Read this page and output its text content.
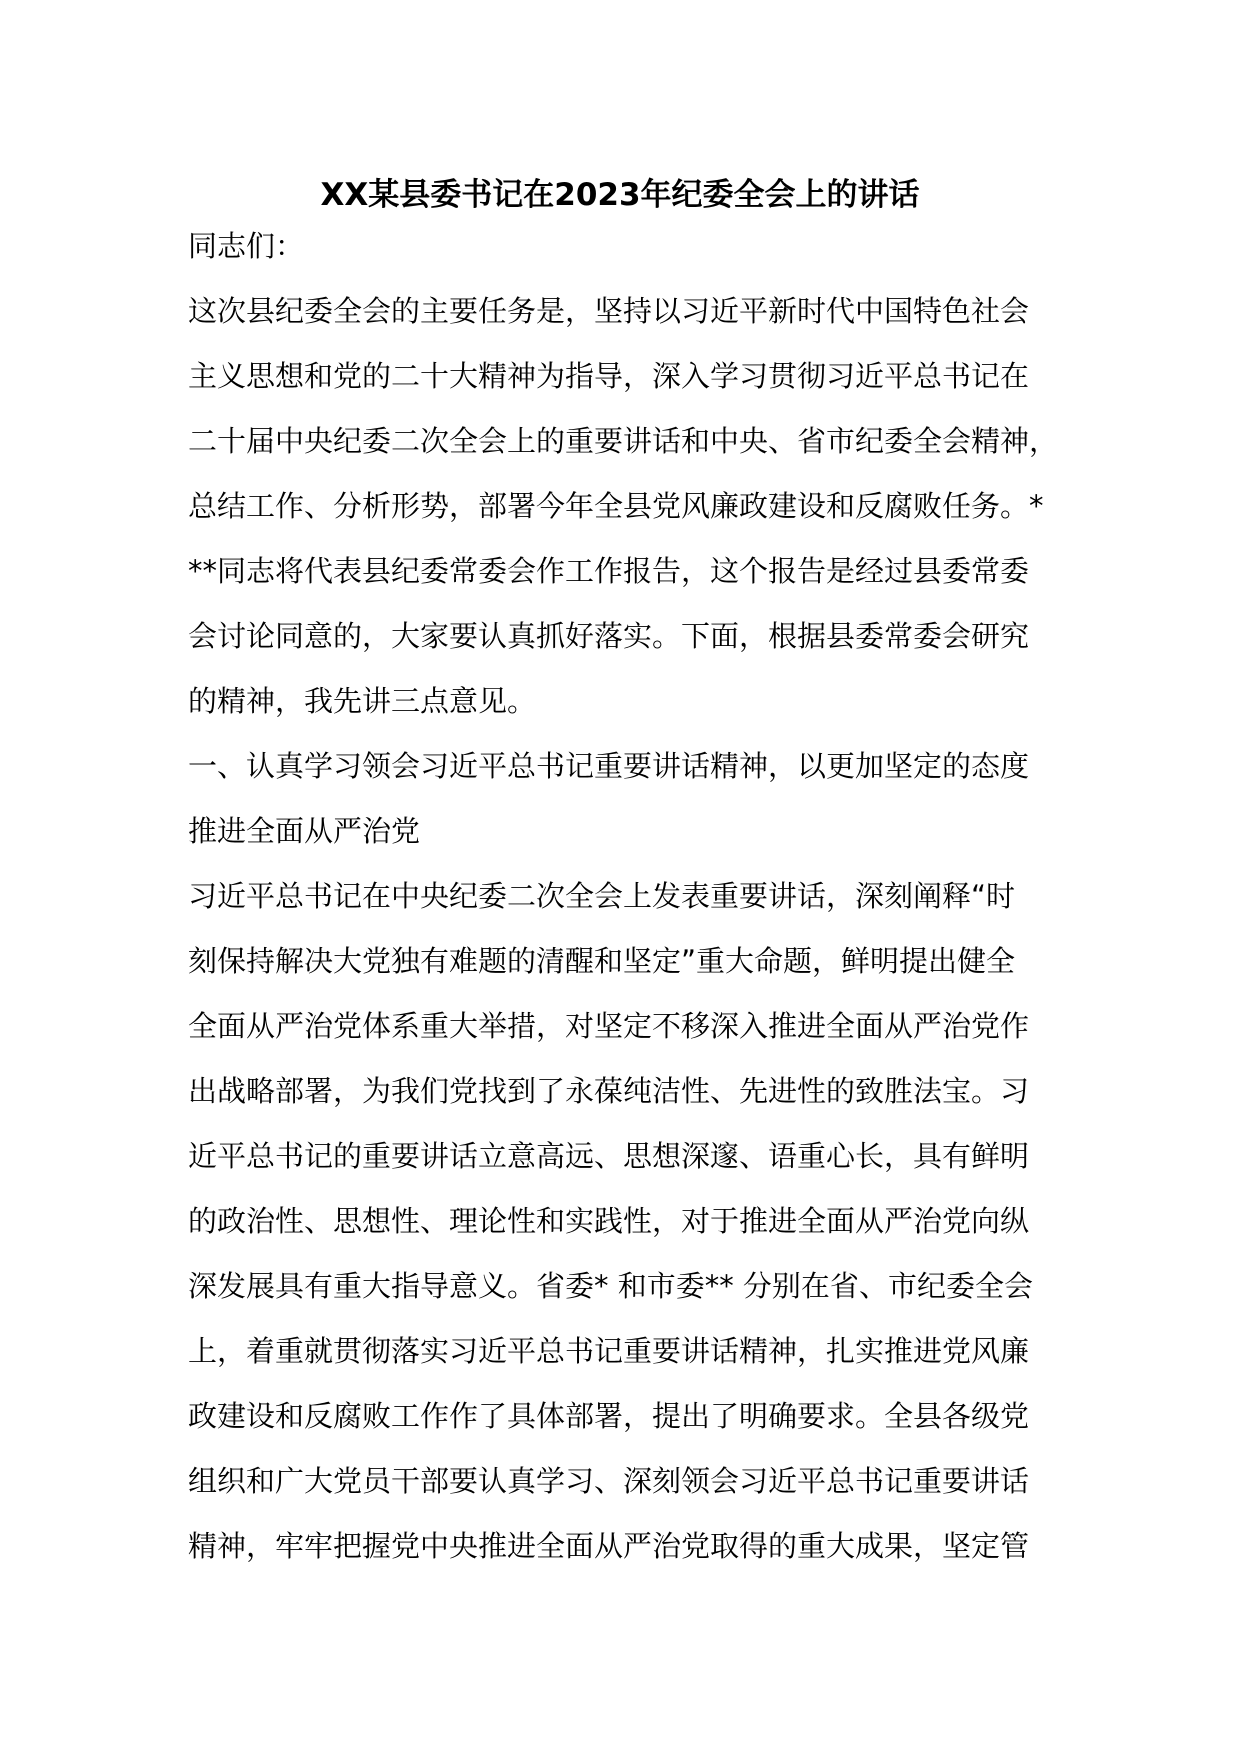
XX某县委书记在2023年纪委全会上的讲话
同志们：
这次县纪委全会的主要任务是，坚持以习近平新时代中国特色社会
主义思想和党的二十大精神为指导，深入学习贯彻习近平总书记在
二十届中央纪委二次全会上的重要讲话和中央、省市纪委全会精神，
总结工作、分析形势，部署今年全县党风廉政建设和反腐败任务。*
**同志将代表县纪委常委会作工作报告，这个报告是经过县委常委
会讨论同意的，大家要认真抓好落实。下面，根据县委常委会研究
的精神，我先讲三点意见。
一、认真学习领会习近平总书记重要讲话精神，以更加坚定的态度
推进全面从严治党
习近平总书记在中央纪委二次全会上发表重要讲话，深刻阐释“时
刻保持解决大党独有难题的清醒和坚定”重大命题，鲜明提出健全
全面从严治党体系重大举措，对坚定不移深入推进全面从严治党作
出战略部署，为我们党找到了永葆纯洁性、先进性的致胜法宝。习
近平总书记的重要讲话立意高远、思想深邃、语重心长，具有鲜明
的政治性、思想性、理论性和实践性，对于推进全面从严治党向纵
深发展具有重大指导意义。省委* 和市委** 分别在省、市纪委全会
上，着重就贯彻落实习近平总书记重要讲话精神，扎实推进党风廉
政建设和反腐败工作作了具体部署，提出了明确要求。全县各级党
组织和广大党员干部要认真学习、深刻领会习近平总书记重要讲话
精神，牢牢把握党中央推进全面从严治党取得的重大成果，坚定管
